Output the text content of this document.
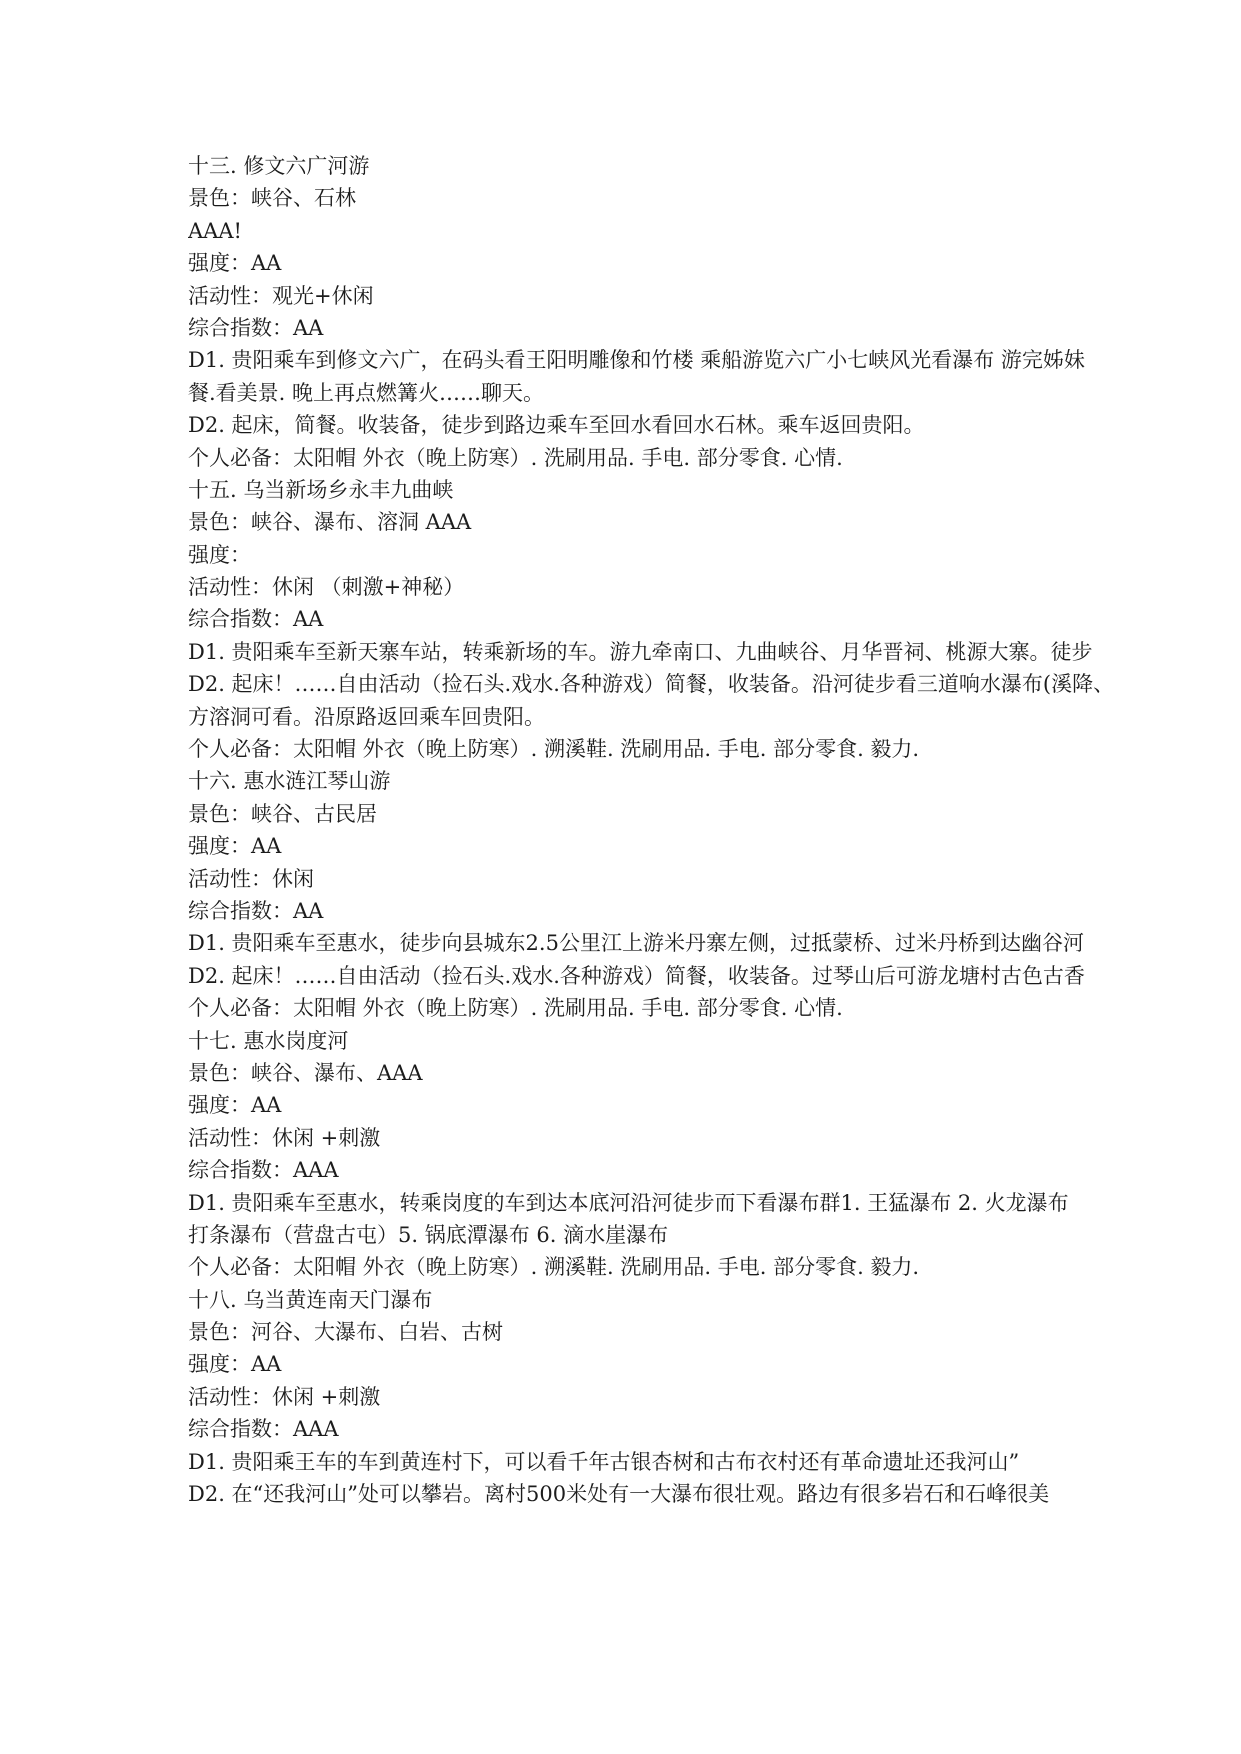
十三. 修文六广河游
景色：峡谷、石林
AAA!
强度：AA
活动性：观光+休闲
综合指数：AA
D1. 贵阳乘车到修文六广，在码头看王阳明雕像和竹楼 乘船游览六广小七峡风光看瀑布 游完姊妹
餐.看美景. 晚上再点燃篝火……聊天。
D2. 起床，简餐。收装备，徒步到路边乘车至回水看回水石林。乘车返回贵阳。
个人必备：太阳帽 外衣（晚上防寒）. 洗刷用品. 手电. 部分零食. 心情.
十五. 乌当新场乡永丰九曲峡
景色：峡谷、瀑布、溶洞 AAA
强度：
活动性：休闲 （刺激+神秘）
综合指数：AA
D1. 贵阳乘车至新天寨车站，转乘新场的车。游九牵南口、九曲峡谷、月华晋祠、桃源大寨。徒步
D2. 起床！……自由活动（捡石头.戏水.各种游戏）简餐，收装备。沿河徒步看三道响水瀑布(溪降、
方溶洞可看。沿原路返回乘车回贵阳。
个人必备：太阳帽 外衣（晚上防寒）. 溯溪鞋. 洗刷用品. 手电. 部分零食. 毅力.
十六. 惠水涟江琴山游
景色：峡谷、古民居
强度：AA
活动性：休闲
综合指数：AA
D1. 贵阳乘车至惠水，徒步向县城东2.5公里江上游米丹寨左侧，过抵蒙桥、过米丹桥到达幽谷河
D2. 起床！……自由活动（捡石头.戏水.各种游戏）简餐，收装备。过琴山后可游龙塘村古色古香
个人必备：太阳帽 外衣（晚上防寒）. 洗刷用品. 手电. 部分零食. 心情.
十七. 惠水岗度河
景色：峡谷、瀑布、AAA
强度：AA
活动性：休闲 +刺激
综合指数：AAA
D1. 贵阳乘车至惠水，转乘岗度的车到达本底河沿河徒步而下看瀑布群1. 王猛瀑布 2. 火龙瀑布
打条瀑布（营盘古屯）5. 锅底潭瀑布 6. 滴水崖瀑布
个人必备：太阳帽 外衣（晚上防寒）. 溯溪鞋. 洗刷用品. 手电. 部分零食. 毅力.
十八. 乌当黄连南天门瀑布
景色：河谷、大瀑布、白岩、古树
强度：AA
活动性：休闲 +刺激
综合指数：AAA
D1. 贵阳乘王车的车到黄连村下，可以看千年古银杏树和古布衣村还有革命遗址还我河山”
D2. 在“还我河山”处可以攀岩。离村500米处有一大瀑布很壮观。路边有很多岩石和石峰很美
